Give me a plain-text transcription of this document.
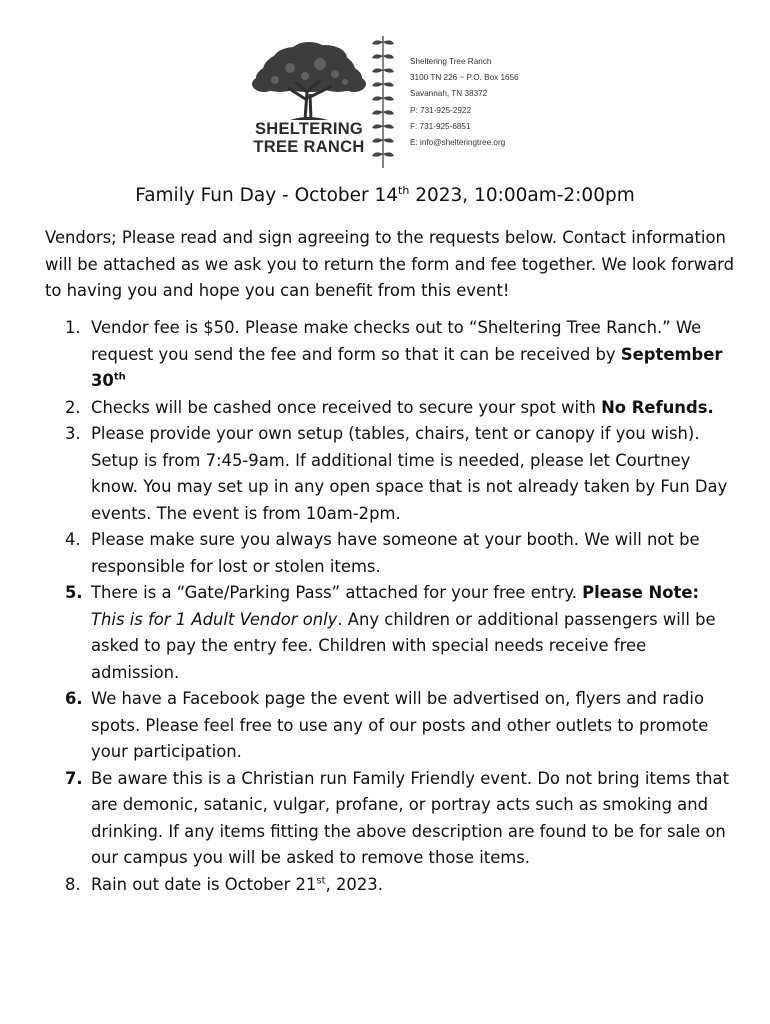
SHELTERING
TREE RANCH
Sheltering Tree Ranch
3100 TN 226 ~ P.O. Box 1656
Savannah, TN 38372
P: 731-925-2922
F: 731-925-6851
E: info@shelteringtree.org
Family Fun Day - October 14th 2023, 10:00am-2:00pm
Vendors; Please read and sign agreeing to the requests below. Contact information will be attached as we ask you to return the form and fee together. We look forward to having you and hope you can benefit from this event!
1. Vendor fee is $50. Please make checks out to “Sheltering Tree Ranch.” We request you send the fee and form so that it can be received by September 30th
2. Checks will be cashed once received to secure your spot with No Refunds.
3. Please provide your own setup (tables, chairs, tent or canopy if you wish). Setup is from 7:45-9am. If additional time is needed, please let Courtney know. You may set up in any open space that is not already taken by Fun Day events. The event is from 10am-2pm.
4. Please make sure you always have someone at your booth. We will not be responsible for lost or stolen items.
5. There is a “Gate/Parking Pass” attached for your free entry. Please Note: This is for 1 Adult Vendor only. Any children or additional passengers will be asked to pay the entry fee. Children with special needs receive free admission.
6. We have a Facebook page the event will be advertised on, flyers and radio spots. Please feel free to use any of our posts and other outlets to promote your participation.
7. Be aware this is a Christian run Family Friendly event. Do not bring items that are demonic, satanic, vulgar, profane, or portray acts such as smoking and drinking. If any items fitting the above description are found to be for sale on our campus you will be asked to remove those items.
8. Rain out date is October 21st, 2023.
